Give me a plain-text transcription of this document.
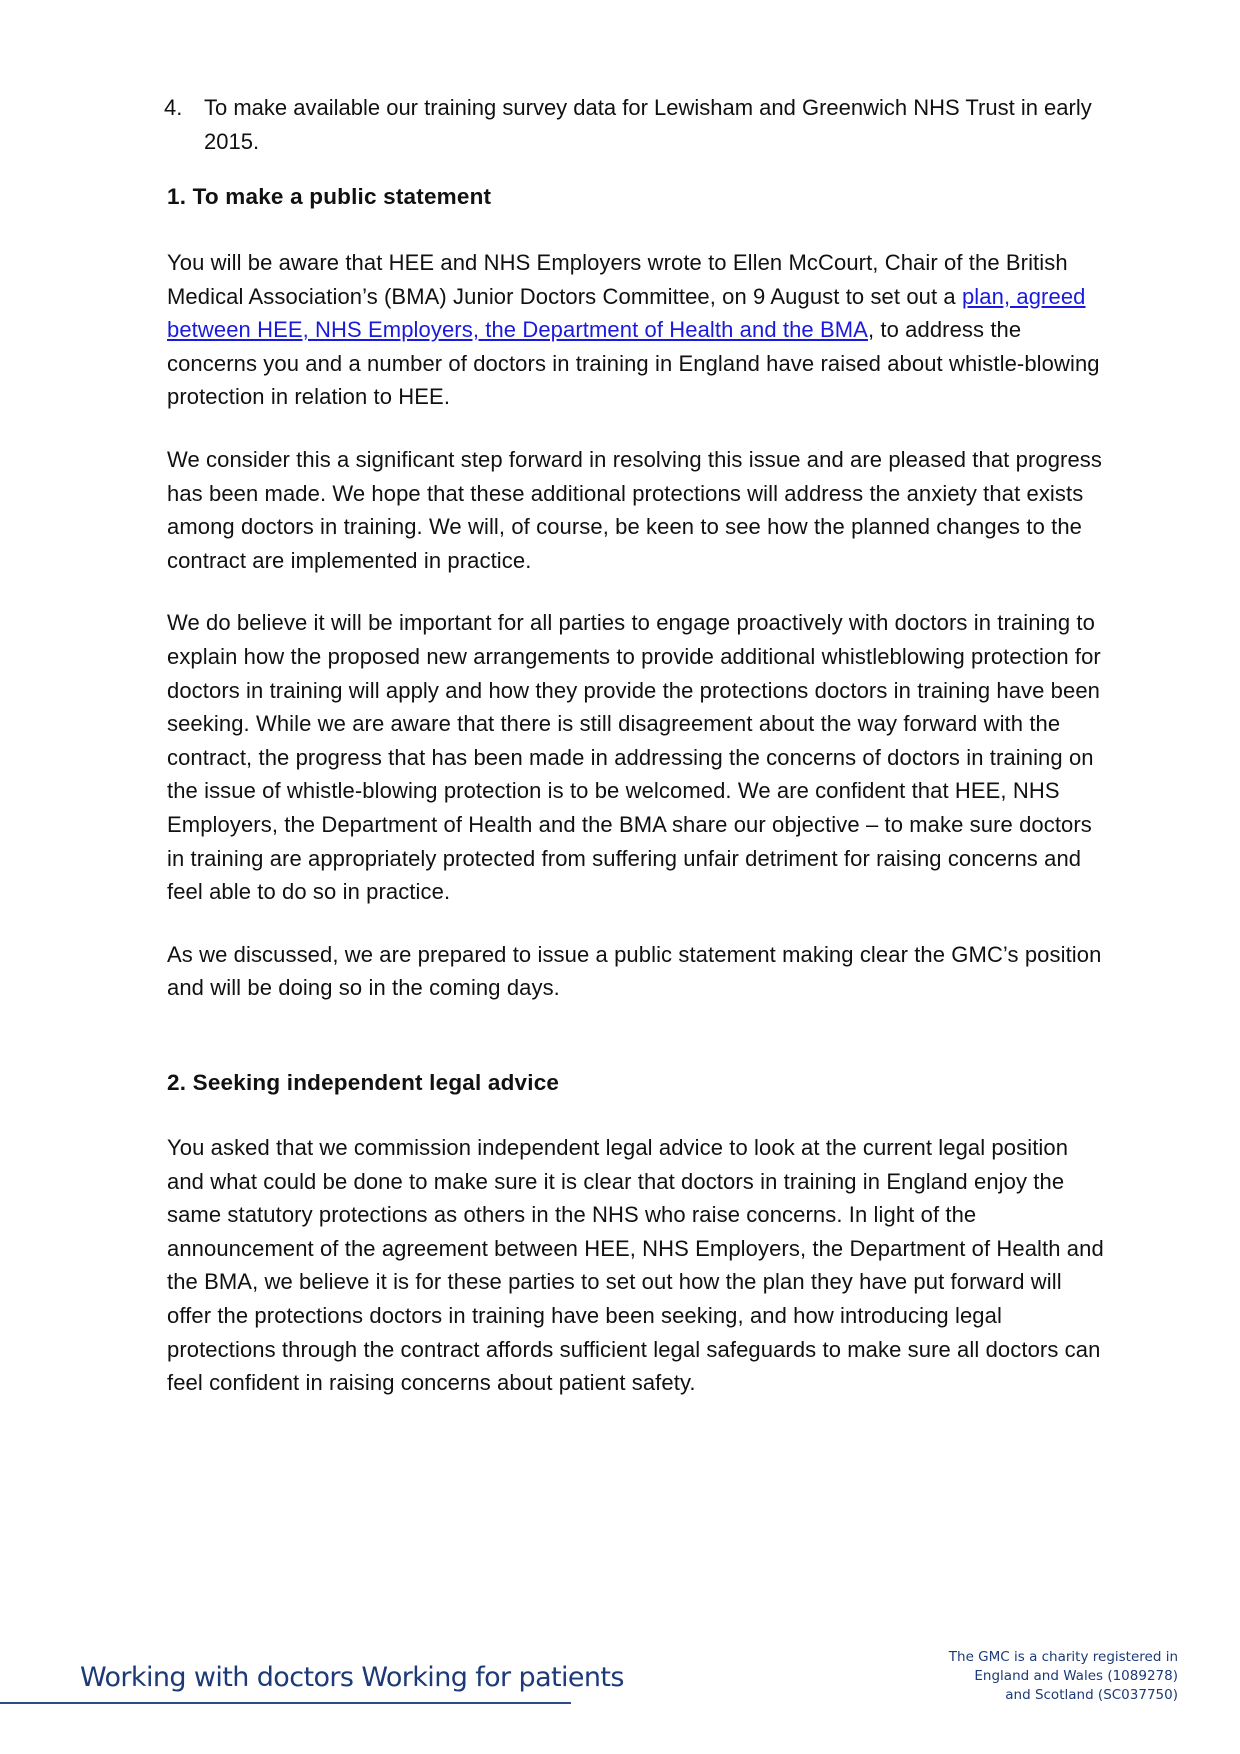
4. To make available our training survey data for Lewisham and Greenwich NHS Trust in early 2015.
1. To make a public statement

You will be aware that HEE and NHS Employers wrote to Ellen McCourt, Chair of the British Medical Association’s (BMA) Junior Doctors Committee, on 9 August to set out a plan, agreed between HEE, NHS Employers, the Department of Health and the BMA, to address the concerns you and a number of doctors in training in England have raised about whistle-blowing protection in relation to HEE.

We consider this a significant step forward in resolving this issue and are pleased that progress has been made. We hope that these additional protections will address the anxiety that exists among doctors in training. We will, of course, be keen to see how the planned changes to the contract are implemented in practice.

We do believe it will be important for all parties to engage proactively with doctors in training to explain how the proposed new arrangements to provide additional whistleblowing protection for doctors in training will apply and how they provide the protections doctors in training have been seeking. While we are aware that there is still disagreement about the way forward with the contract, the progress that has been made in addressing the concerns of doctors in training on the issue of whistle-blowing protection is to be welcomed. We are confident that HEE, NHS Employers, the Department of Health and the BMA share our objective – to make sure doctors in training are appropriately protected from suffering unfair detriment for raising concerns and feel able to do so in practice.

As we discussed, we are prepared to issue a public statement making clear the GMC’s position and will be doing so in the coming days.

2. Seeking independent legal advice

You asked that we commission independent legal advice to look at the current legal position and what could be done to make sure it is clear that doctors in training in England enjoy the same statutory protections as others in the NHS who raise concerns. In light of the announcement of the agreement between HEE, NHS Employers, the Department of Health and the BMA, we believe it is for these parties to set out how the plan they have put forward will offer the protections doctors in training have been seeking, and how introducing legal protections through the contract affords sufficient legal safeguards to make sure all doctors can feel confident in raising concerns about patient safety.

Working with doctors Working for patients
The GMC is a charity registered in
England and Wales (1089278)
and Scotland (SC037750)
